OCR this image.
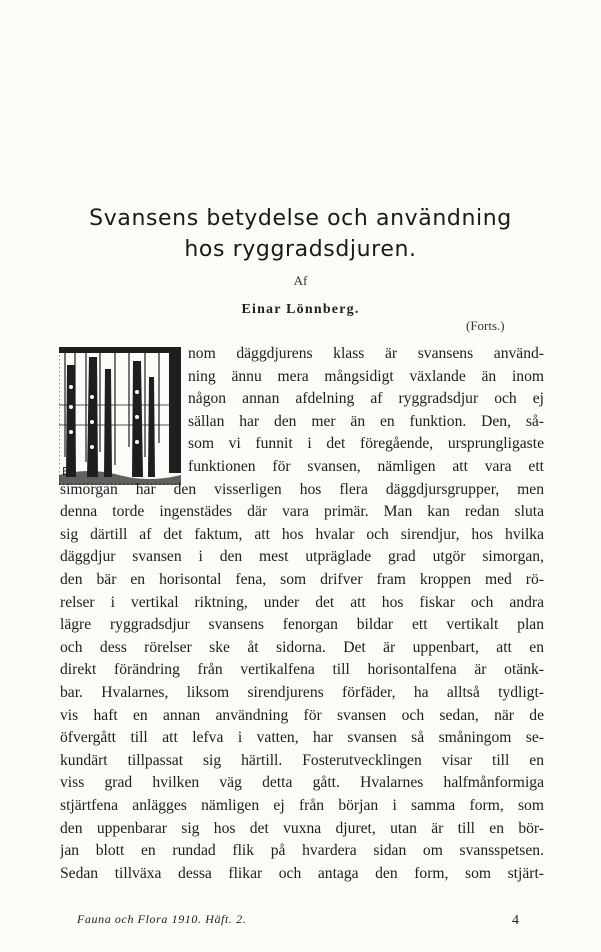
Svansens betydelse och användning
hos ryggradsdjuren.
Af
Einar Lönnberg.
(Forts.)
EB
nom däggdjurens klass är svansens använd-
ning ännu mera mångsidigt växlande än inom
någon annan afdelning af ryggradsdjur och ej
sällan har den mer än en funktion. Den, så-
som vi funnit i det föregående, ursprungligaste
funktionen för svansen, nämligen att vara ett
simorgan har den visserligen hos flera däggdjursgrupper, men
denna torde ingenstädes där vara primär. Man kan redan sluta
sig därtill af det faktum, att hos hvalar och sirendjur, hos hvilka
däggdjur svansen i den mest utpräglade grad utgör simorgan,
den bär en horisontal fena, som drifver fram kroppen med rö-
relser i vertikal riktning, under det att hos fiskar och andra
lägre ryggradsdjur svansens fenorgan bildar ett vertikalt plan
och dess rörelser ske åt sidorna. Det är uppenbart, att en
direkt förändring från vertikalfena till horisontalfena är otänk-
bar. Hvalarnes, liksom sirendjurens förfäder, ha alltså tydligt-
vis haft en annan användning för svansen och sedan, när de
öfvergått till att lefva i vatten, har svansen så småningom se-
kundärt tillpassat sig härtill. Fosterutvecklingen visar till en
viss grad hvilken väg detta gått. Hvalarnes halfmånformiga
stjärtfena anlägges nämligen ej från början i samma form, som
den uppenbarar sig hos det vuxna djuret, utan är till en bör-
jan blott en rundad flik på hvardera sidan om svansspetsen.
Sedan tillväxa dessa flikar och antaga den form, som stjärt-
Fauna och Flora 1910. Häft. 2.	4
